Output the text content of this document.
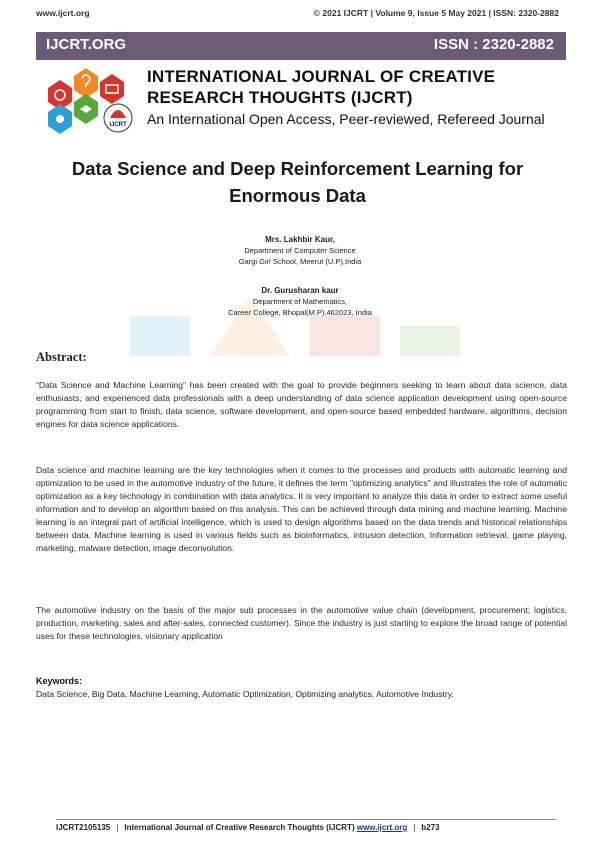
www.ijcrt.org	© 2021 IJCRT | Volume 9, Issue 5 May 2021 | ISSN: 2320-2882
IJCRT.ORG	ISSN : 2320-2882
IJCRT
INTERNATIONAL JOURNAL OF CREATIVE
RESEARCH THOUGHTS (IJCRT)
An International Open Access, Peer-reviewed, Refereed Journal
Data Science and Deep Reinforcement Learning for
Enormous Data
Mrs. Lakhbir Kaur,
Department of Computer Science
Gargi Girl School, Meerut (U.P),India
Dr. Gurusharan kaur
Department of Mathematics,
Career College, Bhopal(M.P),462023, India
Abstract:

“Data Science and Machine Learning” has been created with the goal to provide beginners seeking to learn about data science, data enthusiasts, and experienced data professionals with a deep understanding of data science application development using open-source programming from start to finish, data science, software development, and open-source based embedded hardware, algorithms, decision engines for data science applications.

Data science and machine learning are the key technologies when it comes to the processes and products with automatic learning and optimization to be used in the automotive industry of the future, it defines the term "optimizing analytics" and illustrates the role of automatic optimization as a key technology in combination with data analytics. It is very important to analyze this data in order to extract some useful information and to develop an algorithm based on this analysis. This can be achieved through data mining and machine learning. Machine learning is an integral part of artificial intelligence, which is used to design algorithms based on the data trends and historical relationships between data. Machine learning is used in various fields such as bioinformatics, intrusion detection, Information retrieval, game playing, marketing, malware detection, image deconvolution.

The automotive industry on the basis of the major sub processes in the automotive value chain (development, procurement; logistics, production, marketing, sales and after-sales, connected customer). Since the industry is just starting to explore the broad range of potential uses for these technologies, visionary application

Keywords:
Data Science, Big Data, Machine Learning, Automatic Optimization, Optimizing analytics, Automotive Industry.
IJCRT2105135 | International Journal of Creative Research Thoughts (IJCRT) www.ijcrt.org | b273
